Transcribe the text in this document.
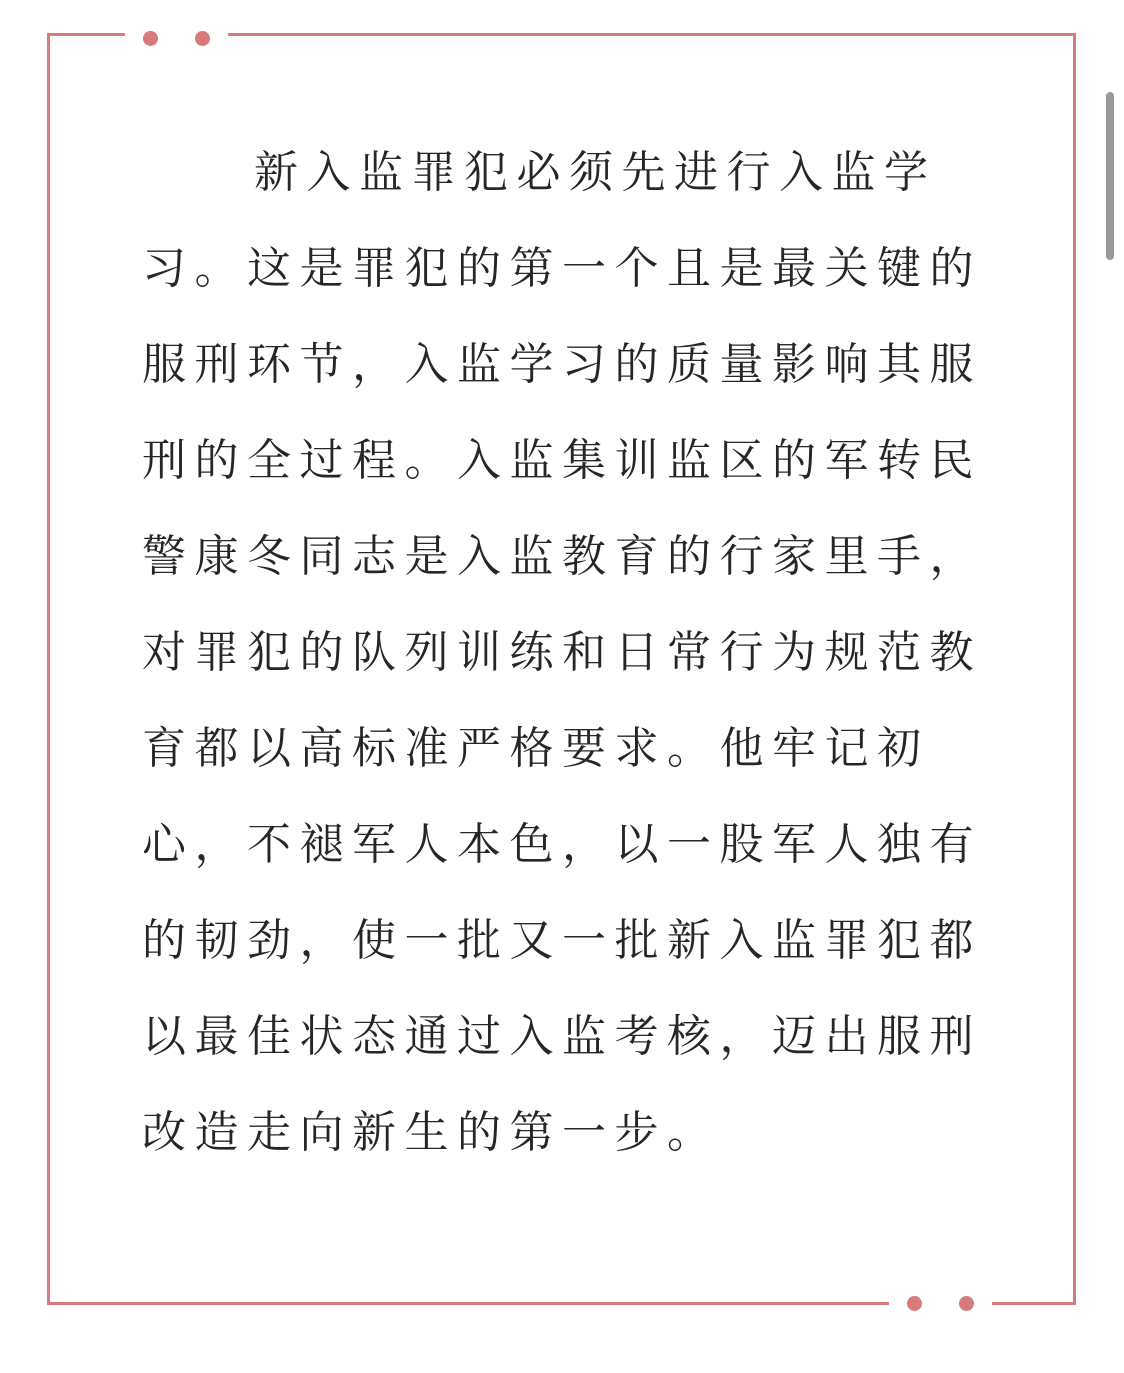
新入监罪犯必须先进行入监学
习。这是罪犯的第一个且是最关键的
服刑环节，入监学习的质量影响其服
刑的全过程。入监集训监区的军转民
警康冬同志是入监教育的行家里手，
对罪犯的队列训练和日常行为规范教
育都以高标准严格要求。他牢记初
心，不褪军人本色，以一股军人独有
的韧劲，使一批又一批新入监罪犯都
以最佳状态通过入监考核，迈出服刑
改造走向新生的第一步。
